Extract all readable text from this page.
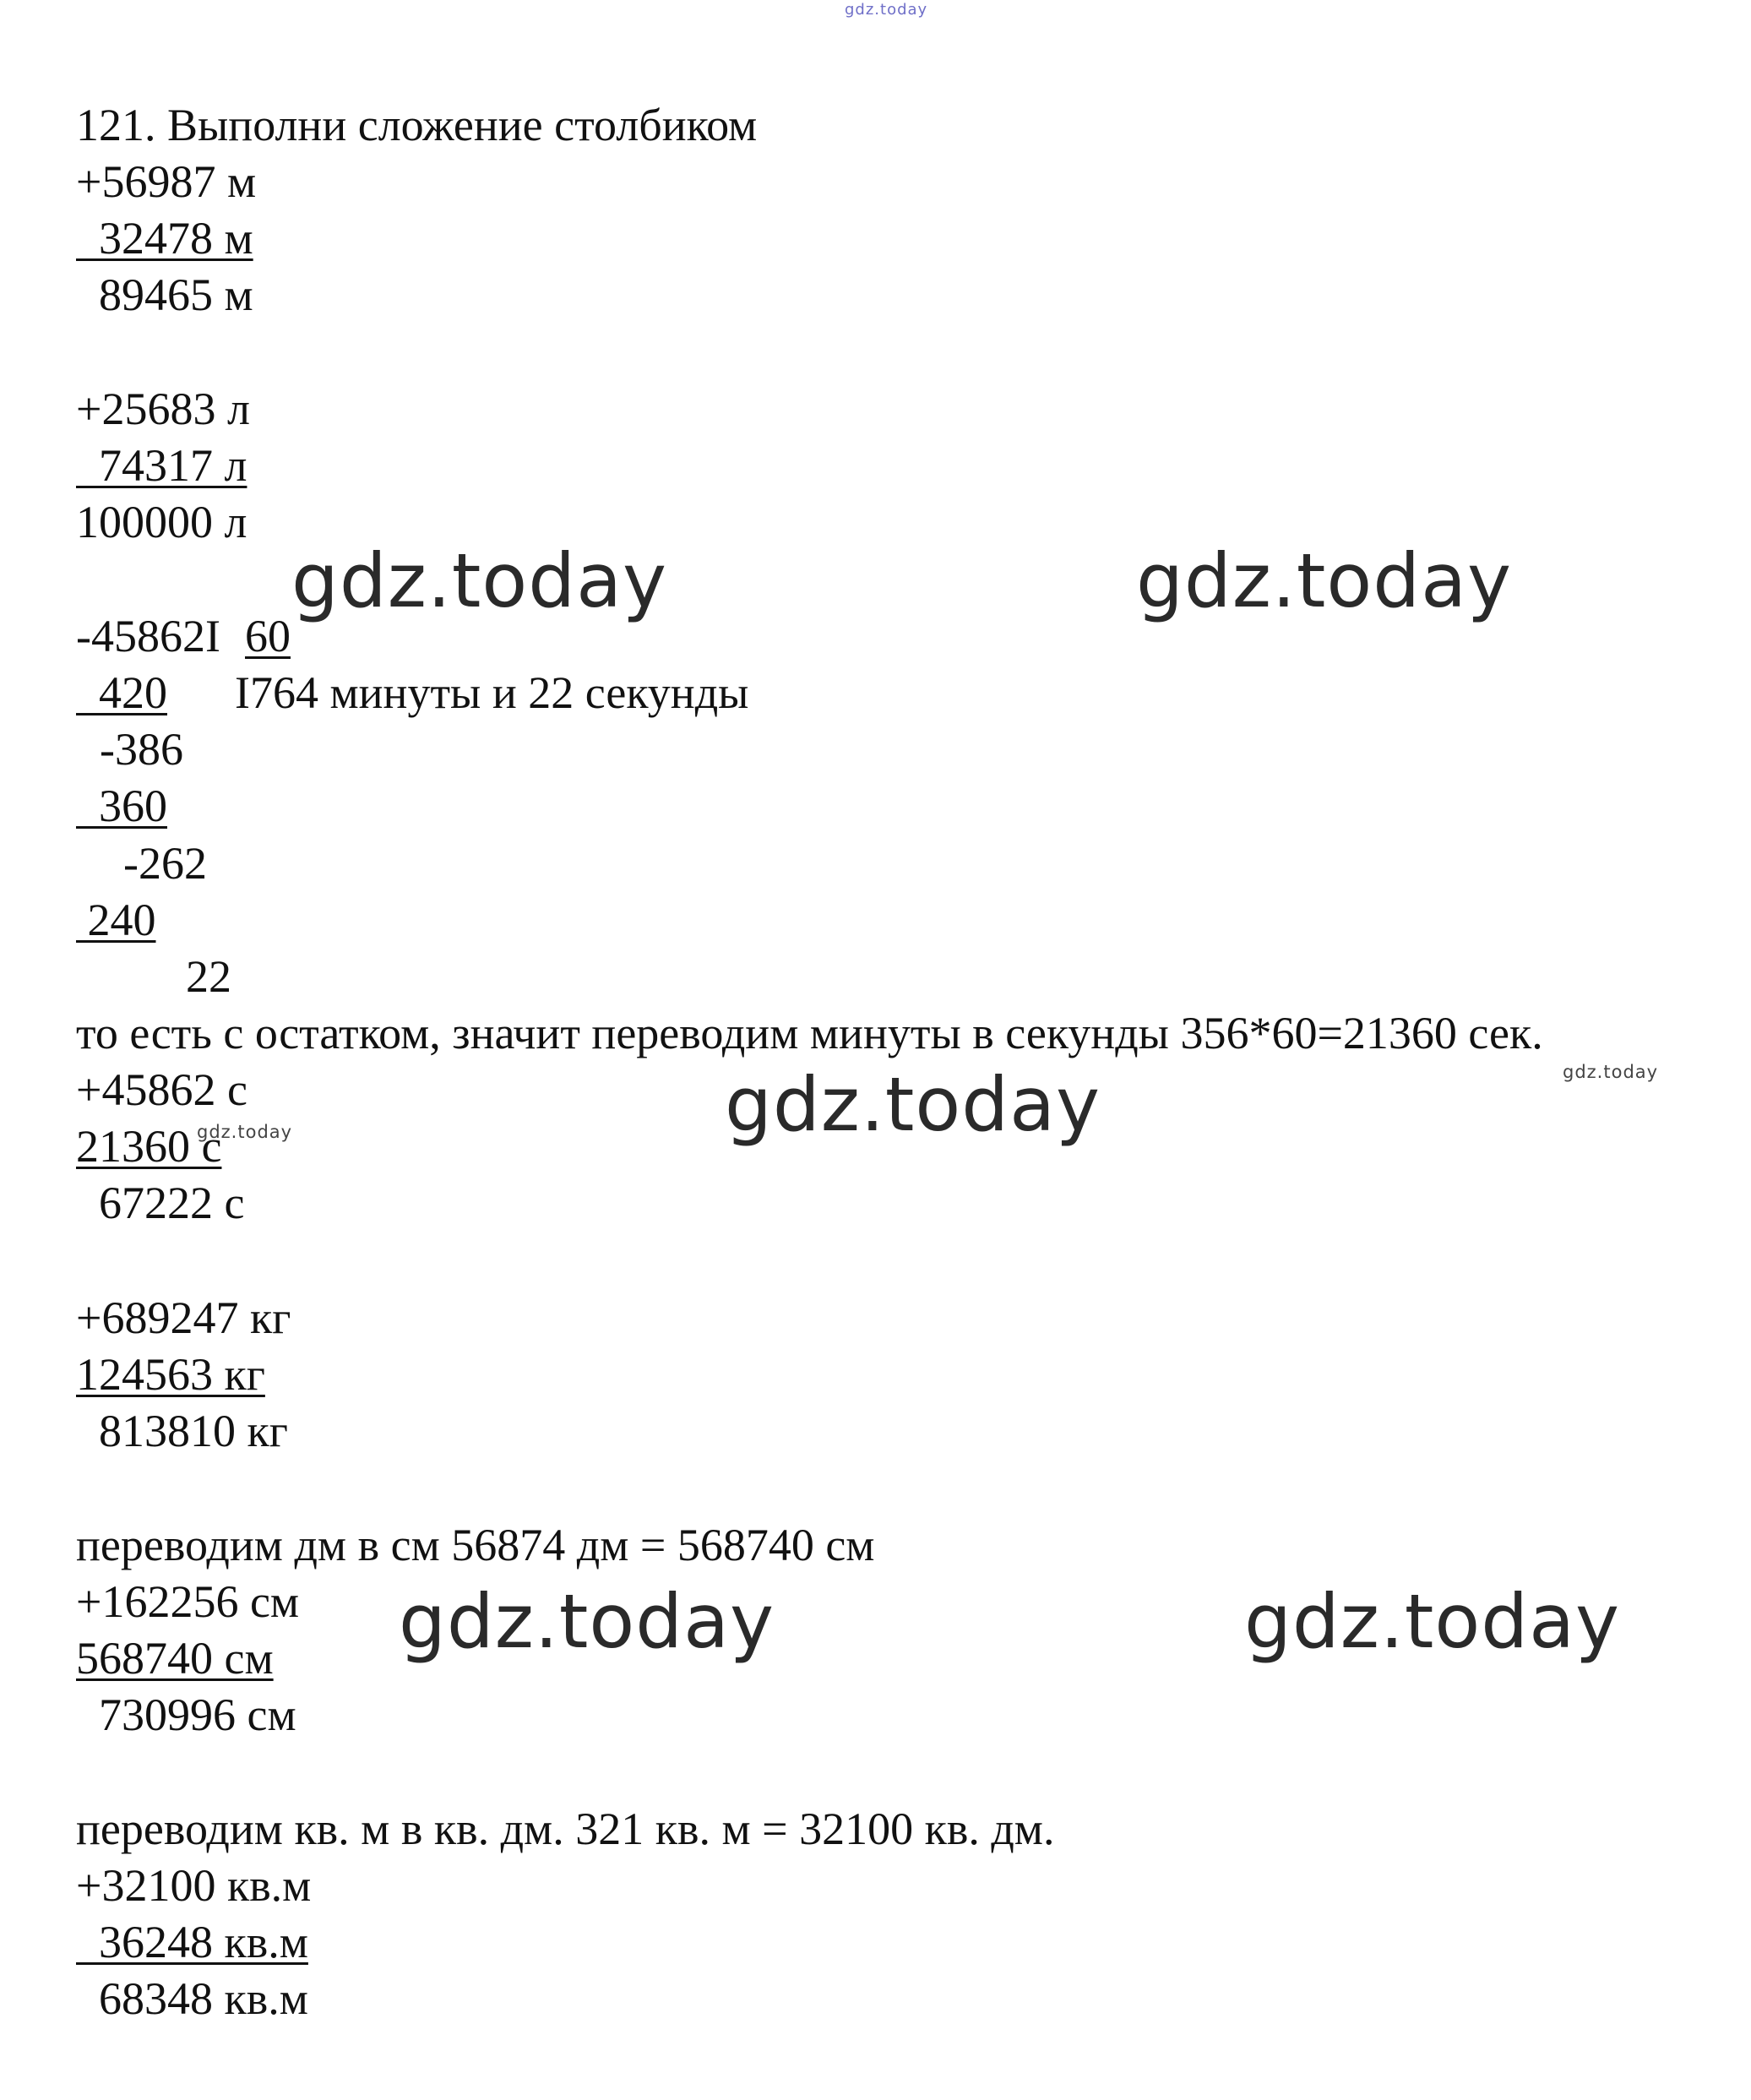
gdz.today
gdz.today	gdz.today
gdz.today
gdz.today	gdz.today
gdz.today
gdz.today
121. Выполни сложение столбиком
+56987 м
32478 м
89465 м
+25683 л
74317 л
100000 л
-45862I 60
420 I764 минуты и 22 секунды
-386
360
-262
240
22
то есть с остатком, значит переводим минуты в секунды 356*60=21360 сек.
+45862 с
21360 с
67222 с
+689247 кг
124563 кг
813810 кг
переводим дм в см 56874 дм = 568740 см
+162256 см
568740 см
730996 см
переводим кв. м в кв. дм. 321 кв. м = 32100 кв. дм.
+32100 кв.м
36248 кв.м
68348 кв.м
